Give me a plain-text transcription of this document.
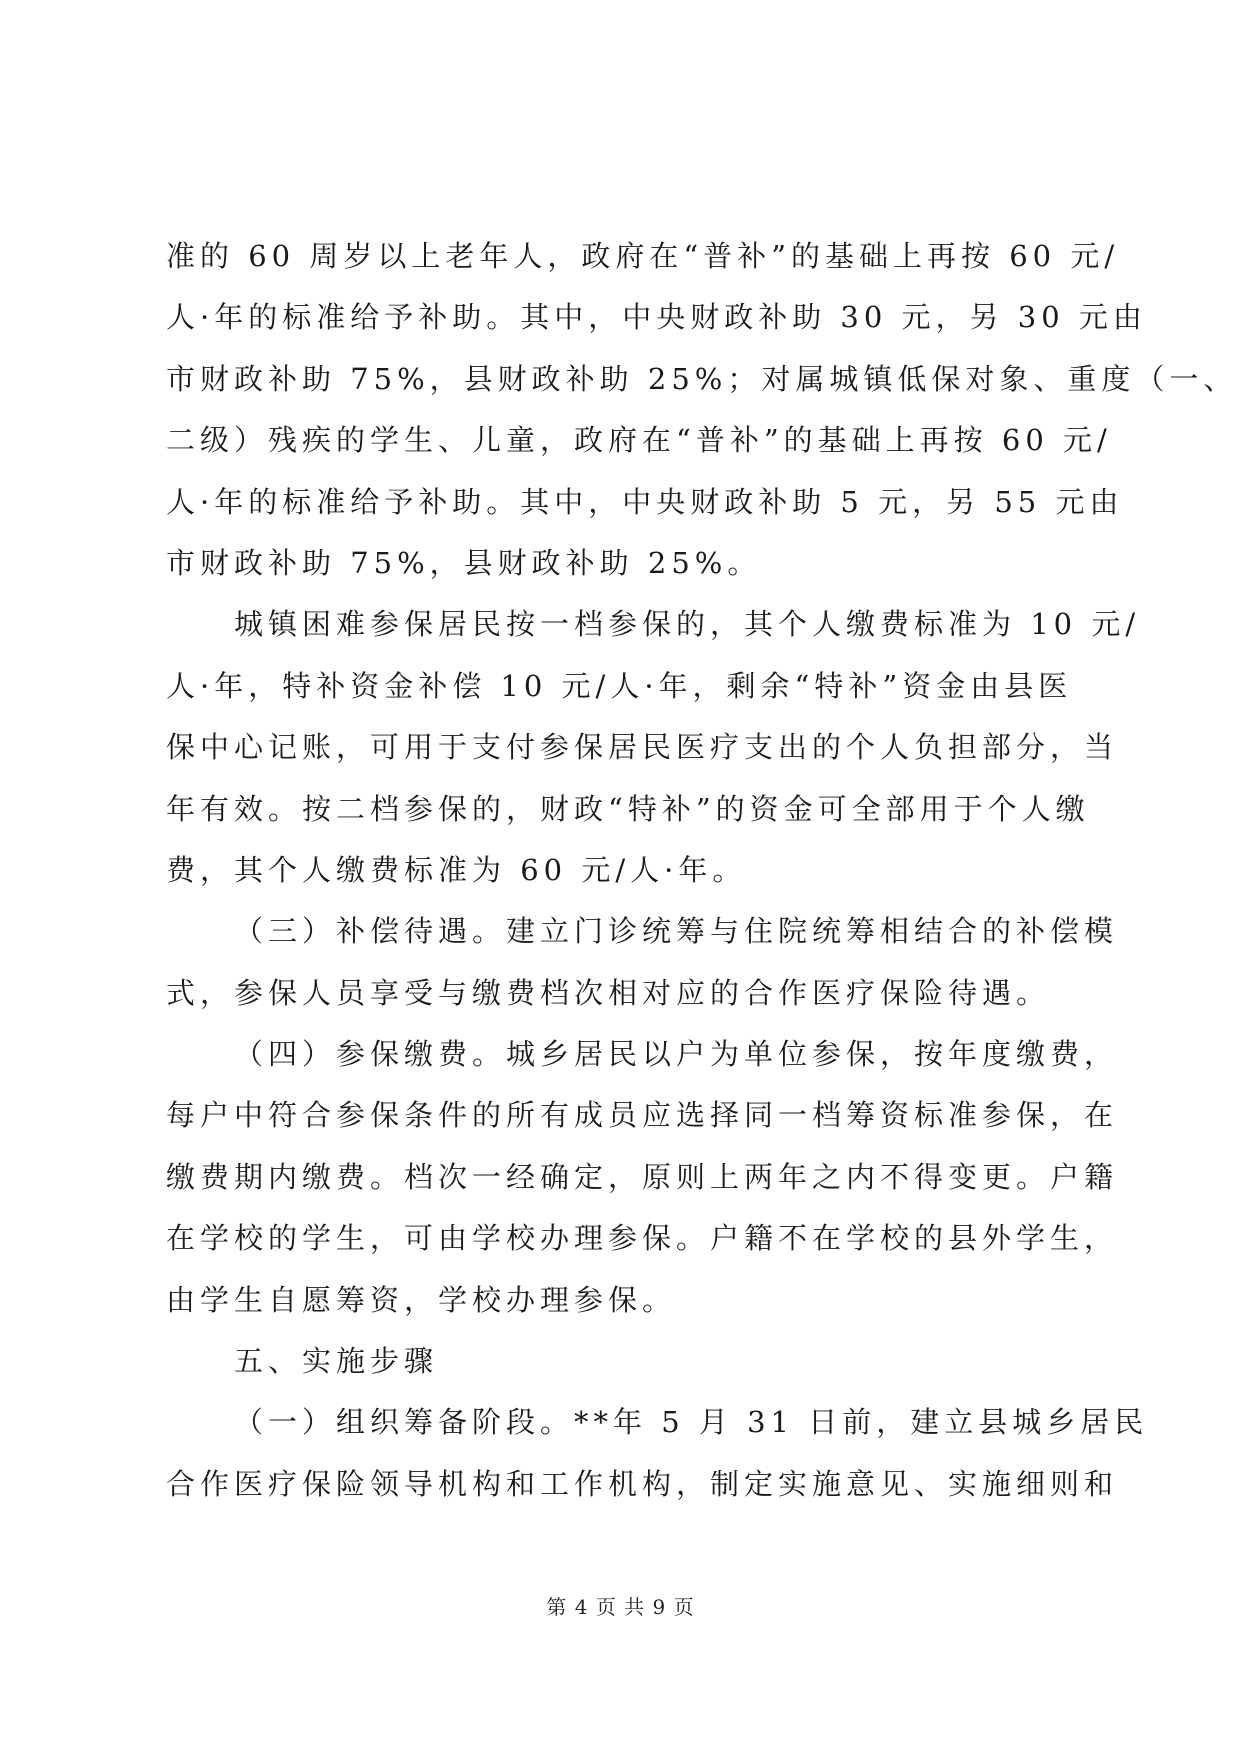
准的 60 周岁以上老年人，政府在“普补”的基础上再按 60 元/
人·年的标准给予补助。其中，中央财政补助 30 元，另 30 元由
市财政补助 75%，县财政补助 25%；对属城镇低保对象、重度（一、
二级）残疾的学生、儿童，政府在“普补”的基础上再按 60 元/
人·年的标准给予补助。其中，中央财政补助 5 元，另 55 元由
市财政补助 75%，县财政补助 25%。
城镇困难参保居民按一档参保的，其个人缴费标准为 10 元/
人·年，特补资金补偿 10 元/人·年，剩余“特补”资金由县医
保中心记账，可用于支付参保居民医疗支出的个人负担部分，当
年有效。按二档参保的，财政“特补”的资金可全部用于个人缴
费，其个人缴费标准为 60 元/人·年。
（三）补偿待遇。建立门诊统筹与住院统筹相结合的补偿模
式，参保人员享受与缴费档次相对应的合作医疗保险待遇。
（四）参保缴费。城乡居民以户为单位参保，按年度缴费，
每户中符合参保条件的所有成员应选择同一档筹资标准参保，在
缴费期内缴费。档次一经确定，原则上两年之内不得变更。户籍
在学校的学生，可由学校办理参保。户籍不在学校的县外学生，
由学生自愿筹资，学校办理参保。
五、实施步骤
（一）组织筹备阶段。**年 5 月 31 日前，建立县城乡居民
合作医疗保险领导机构和工作机构，制定实施意见、实施细则和
第 4 页 共 9 页
